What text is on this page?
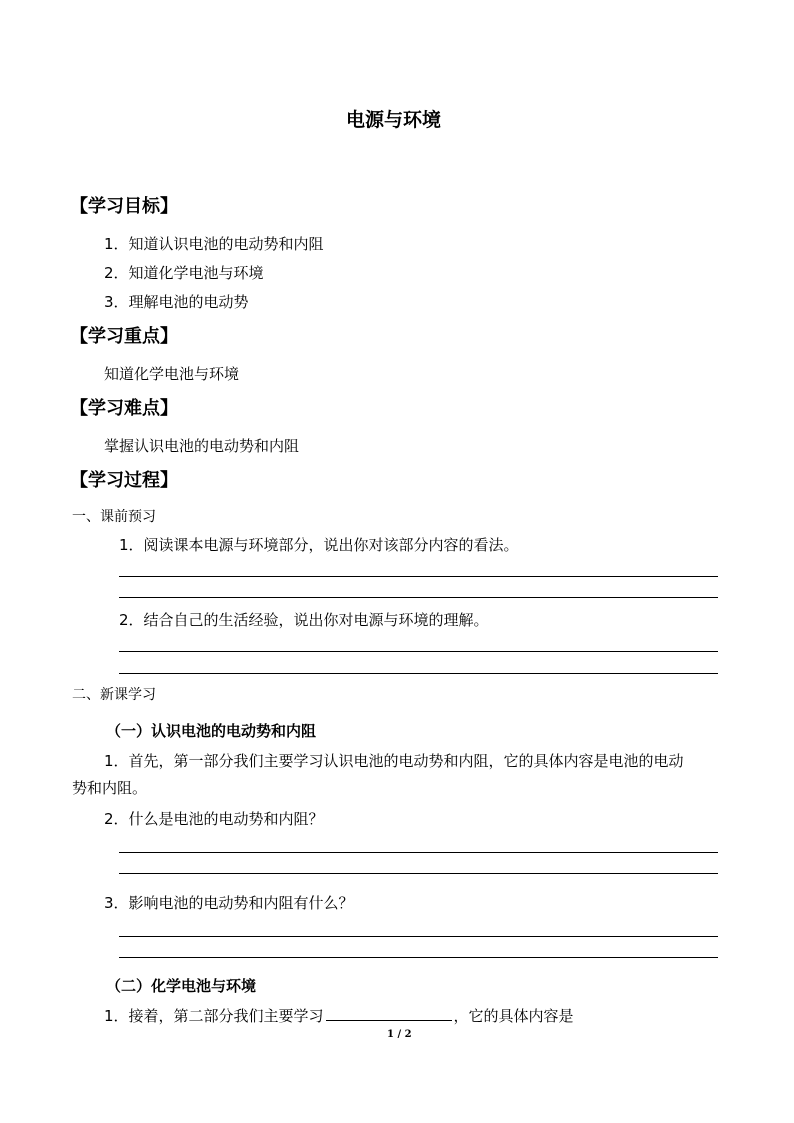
电源与环境
【学习目标】
1．知道认识电池的电动势和内阻
2．知道化学电池与环境
3．理解电池的电动势
【学习重点】
知道化学电池与环境
【学习难点】
掌握认识电池的电动势和内阻
【学习过程】
一、课前预习
1．阅读课本电源与环境部分，说出你对该部分内容的看法。
2．结合自己的生活经验，说出你对电源与环境的理解。
二、新课学习
（一）认识电池的电动势和内阻
1．首先，第一部分我们主要学习认识电池的电动势和内阻，它的具体内容是电池的电动
势和内阻。
2．什么是电池的电动势和内阻？
3．影响电池的电动势和内阻有什么？
（二）化学电池与环境
1．接着，第二部分我们主要学习	，它的具体内容是
1 / 2
